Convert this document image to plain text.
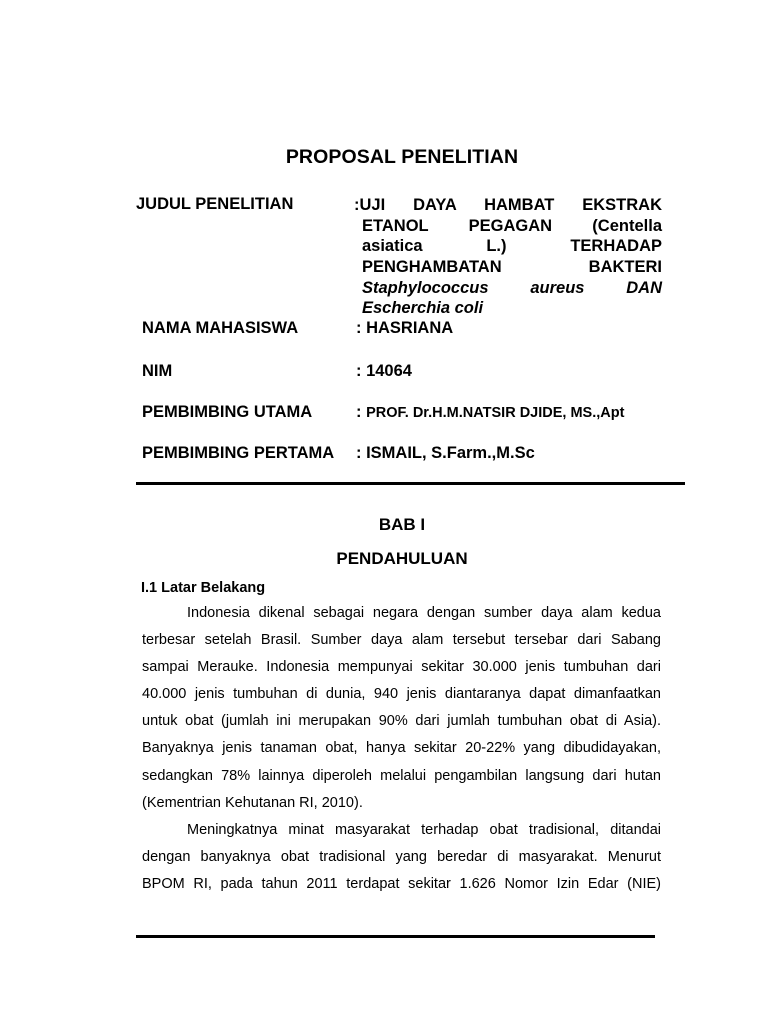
PROPOSAL PENELITIAN
JUDUL PENELITIAN	:UJI DAYA HAMBAT EKSTRAK
ETANOL PEGAGAN (Centella
asiatica L.) TERHADAP
PENGHAMBATAN BAKTERI
Staphylococcus aureus DAN
Escherchia coli
NAMA MAHASISWA	: HASRIANA
NIM	: 14064
PEMBIMBING UTAMA	: PROF. Dr.H.M.NATSIR DJIDE, MS.,Apt
PEMBIMBING PERTAMA : ISMAIL, S.Farm.,M.Sc
BAB I
PENDAHULUAN
I.1 Latar Belakang
Indonesia dikenal sebagai negara dengan sumber daya alam kedua
terbesar setelah Brasil. Sumber daya alam tersebut tersebar dari Sabang
sampai Merauke. Indonesia mempunyai sekitar 30.000 jenis tumbuhan dari
40.000 jenis tumbuhan di dunia, 940 jenis diantaranya dapat dimanfaatkan
untuk obat (jumlah ini merupakan 90% dari jumlah tumbuhan obat di Asia).
Banyaknya jenis tanaman obat, hanya sekitar 20-22% yang dibudidayakan,
sedangkan 78% lainnya diperoleh melalui pengambilan langsung dari hutan
(Kementrian Kehutanan RI, 2010).
Meningkatnya minat masyarakat terhadap obat tradisional, ditandai
dengan banyaknya obat tradisional yang beredar di masyarakat. Menurut
BPOM RI, pada tahun 2011 terdapat sekitar 1.626 Nomor Izin Edar (NIE)
